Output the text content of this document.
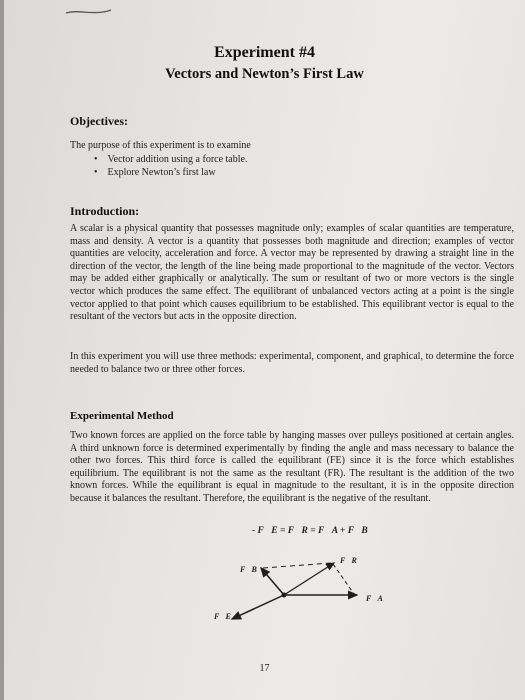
Experiment #4
Vectors and Newton’s First Law
Objectives:
The purpose of this experiment is to examine
• Vector addition using a force table.
• Explore Newton’s first law
Introduction:
A scalar is a physical quantity that possesses magnitude only; examples of scalar quantities are temperature, mass and density. A vector is a quantity that possesses both magnitude and direction; examples of vector quantities are velocity, acceleration and force. A vector may be represented by drawing a straight line in the direction of the vector, the length of the line being made proportional to the magnitude of the vector. Vectors may be added either graphically or analytically. The sum or resultant of two or more vectors is the single vector which produces the same effect. The equilibrant of unbalanced vectors acting at a point is the single vector applied to that point which causes equilibrium to be established. This equilibrant vector is equal to the resultant of the vectors but acts in the opposite direction.
In this experiment you will use three methods: experimental, component, and graphical, to determine the force needed to balance two or three other forces.
Experimental Method
Two known forces are applied on the force table by hanging masses over pulleys positioned at certain angles. A third unknown force is determined experimentally by finding the angle and mass necessary to balance the other two forces. This third force is called the equilibrant (FE) since it is the force which establishes equilibrium. The equilibrant is not the same as the resultant (FR). The resultant is the addition of the two known forces. While the equilibrant is equal in magnitude to the resultant, it is in the opposite direction because it balances the resultant. Therefore, the equilibrant is the negative of the resultant.
- F⃗E = F⃗R = F⃗A + F⃗B
F⃗B
F⃗R
F⃗A
F⃗E
17
